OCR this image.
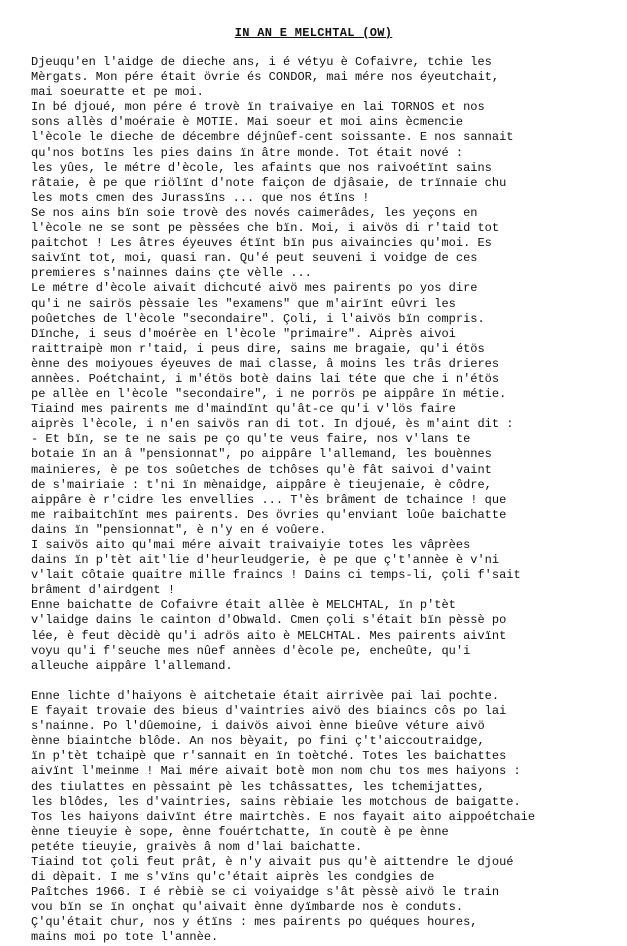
IN AN E MELCHTAL (OW)
Djeuqu'en l'aidge de dieche ans, i é vétyu è Cofaivre, tchie les
Mèrgats. Mon pére était övrie és CONDOR, mai mére nos éyeutchait,
mai soeuratte et pe moi.
In bé djoué, mon pére é trovè ïn traivaiye en lai TORNOS et nos
sons allès d'moéraie è MOTIE. Mai soeur et moi ains ècmencie
l'ècole le dieche de décembre déjnûef-cent soissante. E nos sannait
qu'nos botïns les pies dains ïn âtre monde. Tot était nové :
les yûes, le métre d'ècole, les afaints que nos raivoétïnt sains
râtaie, è pe que riölïnt d'note faiçon de djâsaie, de trïnnaie chu
les mots cmen des Jurassïns ... que nos étïns !
Se nos ains bïn soie trovè des novés caimerâdes, les yeçons en
l'ècole ne se sont pe pèssées che bïn. Moi, i aivös di r'taid tot
paitchot ! Les âtres éyeuves étïnt bïn pus aivaincies qu'moi. Es
saivïnt tot, moi, quasi ran. Qu'é peut seuveni i voidge de ces
premieres s'nainnes dains çte vèlle ...
Le métre d'ècole aivait dichcuté aivö mes pairents po yos dire
qu'i ne sairös pèssaie les "examens" que m'airïnt eûvri les
poûetches de l'ècole "secondaire". Çoli, i l'aivös bïn compris.
Dïnche, i seus d'moérèe en l'ècole "primaire". Aiprès aivoi
raittraipè mon r'taid, i peus dire, sains me bragaie, qu'i étös
ènne des moiyoues éyeuves de mai classe, â moins les trâs drieres
annèes. Poétchaint, i m'étös botè dains lai téte que che i n'étös
pe allèe en l'ècole "secondaire", i ne porrös pe aippâre ïn métie.
Tiaind mes pairents me d'maindïnt qu'ât-ce qu'i v'lös faire
aiprès l'ècole, i n'en saivös ran di tot. In djoué, ès m'aint dit :
- Et bïn, se te ne sais pe ço qu'te veus faire, nos v'lans te
botaie ïn an â "pensionnat", po aippâre l'allemand, les bouènnes
mainieres, è pe tos soûetches de tchôses qu'è fât saivoi d'vaint
de s'mairiaie : t'ni ïn mènaidge, aippâre è tieujenaie, è côdre,
aippâre è r'cidre les envellies ... T'ès brâment de tchaince ! que
me raibaitchïnt mes pairents. Des övries qu'enviant loûe baichatte
dains ïn "pensionnat", è n'y en é voûere.
I saivös aito qu'mai mére aivait traivaiyie totes les vâprèes
dains ïn p'tèt ait'lie d'heurleudgerie, è pe que ç't'annèe è v'ni
v'lait côtaie quaitre mille fraincs ! Dains ci temps-li, çoli f'sait
brâment d'airdgent !
Enne baichatte de Cofaivre était allèe è MELCHTAL, ïn p'tèt
v'laidge dains le cainton d'Obwald. Cmen çoli s'était bïn pèssè po
lée, è feut dècidè qu'i adrös aito è MELCHTAL. Mes pairents aivïnt
voyu qu'i f'seuche mes nûef annèes d'ècole pe, encheûte, qu'i
alleuche aippâre l'allemand.
Enne lichte d'haiyons è aitchetaie était airrivèe pai lai pochte.
E fayait trovaie des bieus d'vaintries aivö des biaincs côs po lai
s'nainne. Po l'dûemoine, i daivös aivoi ènne bieûve véture aivö
ènne biaintche blôde. An nos bèyait, po fini ç't'aiccoutraidge,
ïn p'tèt tchaipè que r'sannait en ïn toètché. Totes les baichattes
aivïnt l'meinme ! Mai mére aivait botè mon nom chu tos mes haiyons :
des tiulattes en pèssaint pè les tchâssattes, les tchemijattes,
les blôdes, les d'vaintries, sains rèbiaie les motchous de baigatte.
Tos les haiyons daivïnt étre mairtchès. E nos fayait aito aippoétchaie
ènne tieuyie è sope, ènne fouértchatte, ïn coutè è pe ènne
petéte tieuyie, graivès â nom d'lai baichatte.
Tiaind tot çoli feut prât, è n'y aivait pus qu'è aittendre le djoué
di dèpait. I me s'vïns qu'c'était aiprès les condgies de
Paîtches 1966. I é rèbiè se ci voiyaidge s'ât pèssè aivö le train
vou bïn se ïn onçhat qu'aivait ènne dyïmbarde nos è conduts.
Ç'qu'était chur, nos y étïns : mes pairents po quéques houres,
mains moi po tote l'annèe.
